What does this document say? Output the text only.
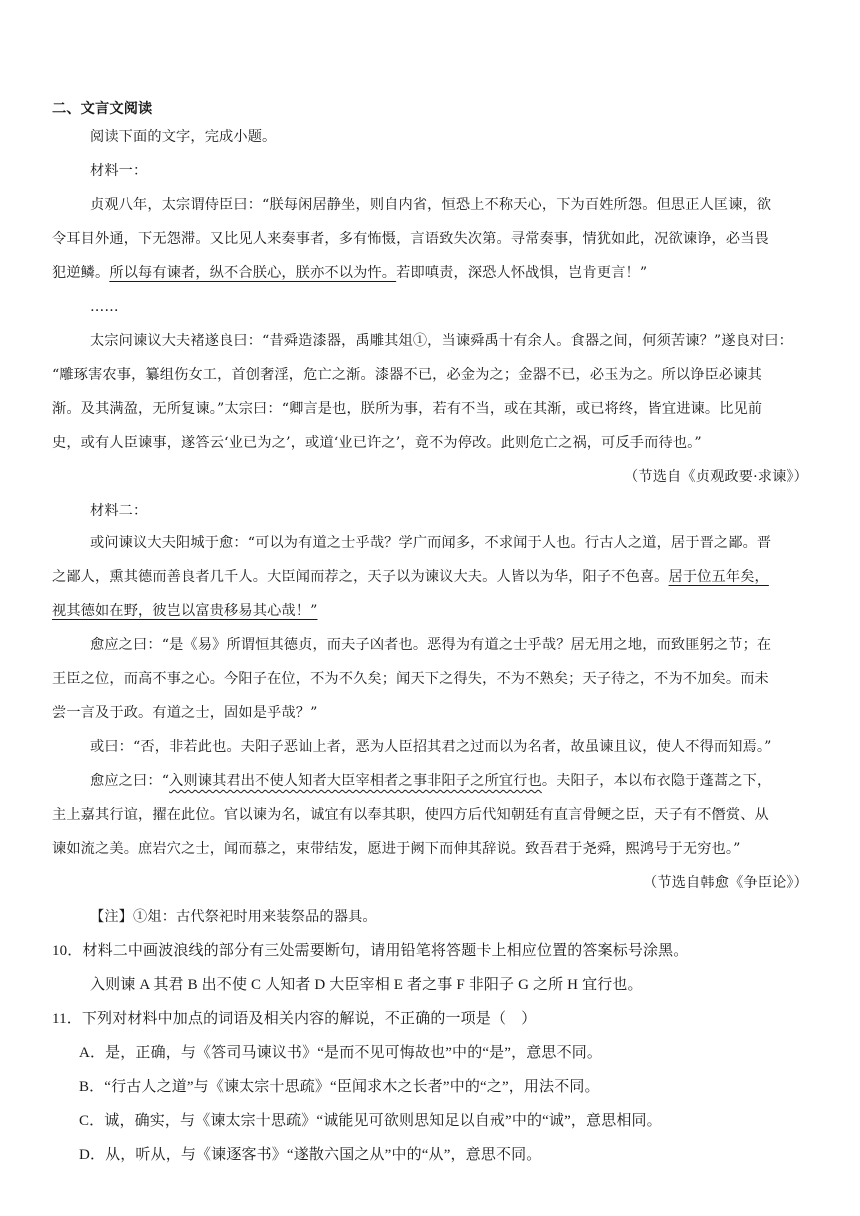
二、文言文阅读
阅读下面的文字，完成小题。
材料一：
贞观八年，太宗谓侍臣曰：“朕每闲居静坐，则自内省，恒恐上不称天心，下为百姓所怨。但思正人匡谏，欲
令耳目外通，下无怨滞。又比见人来奏事者，多有怖慑，言语致失次第。寻常奏事，情犹如此，况欲谏诤，必当畏
犯逆鳞。所以每有谏者，纵不合朕心，朕亦不以为忤。若即嗔责，深恐人怀战惧，岂肯更言！”
……
太宗问谏议大夫褚遂良曰：“昔舜造漆器，禹雕其俎①，当谏舜禹十有余人。食器之间，何须苦谏？”遂良对曰：
“雕琢害农事，纂组伤女工，首创奢淫，危亡之渐。漆器不已，必金为之；金器不已，必玉为之。所以诤臣必谏其
渐。及其满盈，无所复谏。”太宗曰：“卿言是也，朕所为事，若有不当，或在其渐，或已将终，皆宜进谏。比见前
史，或有人臣谏事，遂答云‘业已为之’，或道‘业已许之’，竟不为停改。此则危亡之祸，可反手而待也。”
（节选自《贞观政要·求谏》）
材料二：
或问谏议大夫阳城于愈：“可以为有道之士乎哉？学广而闻多，不求闻于人也。行古人之道，居于晋之鄙。晋
之鄙人，熏其德而善良者几千人。大臣闻而荐之，天子以为谏议大夫。人皆以为华，阳子不色喜。居于位五年矣，
视其德如在野，彼岂以富贵移易其心哉！”
愈应之曰：“是《易》所谓恒其德贞，而夫子凶者也。恶得为有道之士乎哉？居无用之地，而致匪躬之节；在
王臣之位，而高不事之心。今阳子在位，不为不久矣；闻天下之得失，不为不熟矣；天子待之，不为不加矣。而未
尝一言及于政。有道之士，固如是乎哉？”
或曰：“否，非若此也。夫阳子恶讪上者，恶为人臣招其君之过而以为名者，故虽谏且议，使人不得而知焉。”
愈应之曰：“入则谏其君出不使人知者大臣宰相者之事非阳子之所宜行也。夫阳子，本以布衣隐于蓬蒿之下，
主上嘉其行谊，擢在此位。官以谏为名，诚宜有以奉其职，使四方后代知朝廷有直言骨鲠之臣，天子有不僭赏、从
谏如流之美。庶岩穴之士，闻而慕之，束带结发，愿进于阙下而伸其辞说。致吾君于尧舜，熙鸿号于无穷也。”
（节选自韩愈《争臣论》）
【注】①俎：古代祭祀时用来装祭品的器具。
10．材料二中画波浪线的部分有三处需要断句，请用铅笔将答题卡上相应位置的答案标号涂黑。
入则谏 A 其君 B 出不使 C 人知者 D 大臣宰相 E 者之事 F 非阳子 G 之所 H 宜行也。
11．下列对材料中加点的词语及相关内容的解说，不正确的一项是（　）
A．是，正确，与《答司马谏议书》“是而不见可悔故也”中的“是”，意思不同。
B．“行古人之道”与《谏太宗十思疏》“臣闻求木之长者”中的“之”，用法不同。
C．诚，确实，与《谏太宗十思疏》“诚能见可欲则思知足以自戒”中的“诚”，意思相同。
D．从，听从，与《谏逐客书》“遂散六国之从”中的“从”，意思不同。
